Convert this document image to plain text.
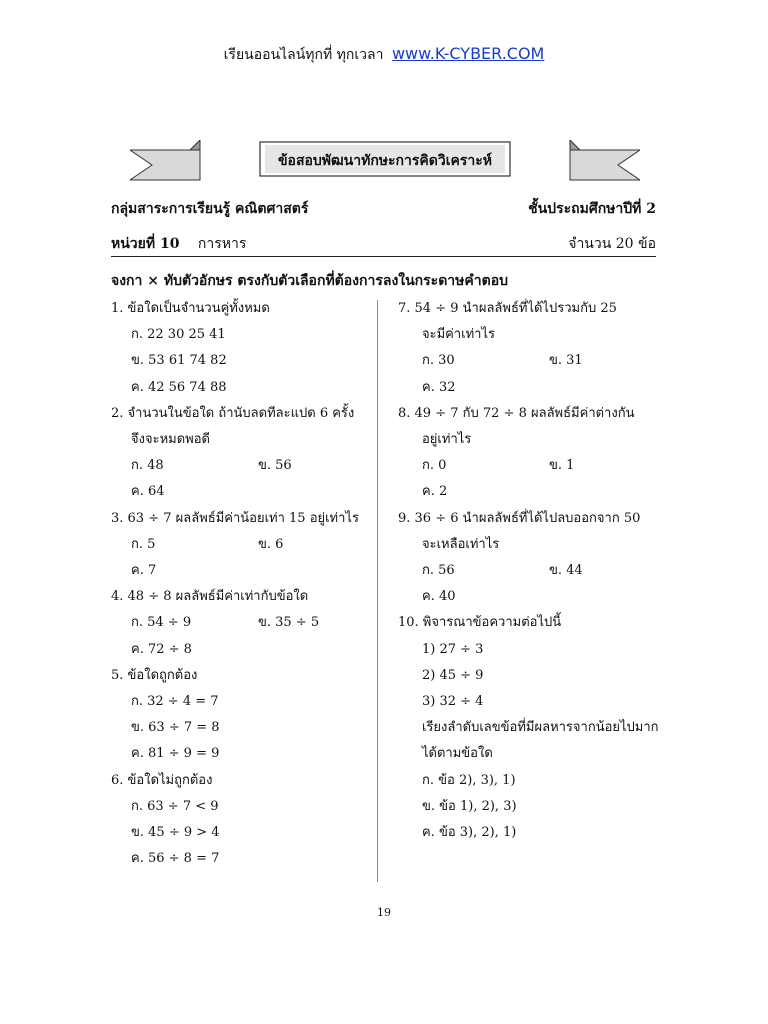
เรียนออนไลน์ทุกที่ ทุกเวลา www.K-CYBER.COM
ข้อสอบพัฒนาทักษะการคิดวิเคราะห์
กลุ่มสาระการเรียนรู้ คณิตศาสตร์	ชั้นประถมศึกษาปีที่ 2
หน่วยที่ 10 การหาร	จำนวน 20 ข้อ
จงกา × ทับตัวอักษร ตรงกับตัวเลือกที่ต้องการลงในกระดาษคำตอบ
1. ข้อใดเป็นจำนวนคู่ทั้งหมด
ก. 22 30 25 41
ข. 53 61 74 82
ค. 42 56 74 88
2. จำนวนในข้อใด ถ้านับลดทีละแปด 6 ครั้ง
จึงจะหมดพอดี
ก. 48	ข. 56
ค. 64
3. 63 ÷ 7 ผลลัพธ์มีค่าน้อยเท่า 15 อยู่เท่าไร
ก. 5	ข. 6
ค. 7
4. 48 ÷ 8 ผลลัพธ์มีค่าเท่ากับข้อใด
ก. 54 ÷ 9	ข. 35 ÷ 5
ค. 72 ÷ 8
5. ข้อใดถูกต้อง
ก. 32 ÷ 4 = 7
ข. 63 ÷ 7 = 8
ค. 81 ÷ 9 = 9
6. ข้อใดไม่ถูกต้อง
ก. 63 ÷ 7 < 9
ข. 45 ÷ 9 > 4
ค. 56 ÷ 8 = 7
7. 54 ÷ 9 นำผลลัพธ์ที่ได้ไปรวมกับ 25
จะมีค่าเท่าไร
ก. 30	ข. 31
ค. 32
8. 49 ÷ 7 กับ 72 ÷ 8 ผลลัพธ์มีค่าต่างกัน
อยู่เท่าไร
ก. 0	ข. 1
ค. 2
9. 36 ÷ 6 นำผลลัพธ์ที่ได้ไปลบออกจาก 50
จะเหลือเท่าไร
ก. 56	ข. 44
ค. 40
10. พิจารณาข้อความต่อไปนี้
1) 27 ÷ 3
2) 45 ÷ 9
3) 32 ÷ 4
เรียงลำดับเลขข้อที่มีผลหารจากน้อยไปมาก
ได้ตามข้อใด
ก. ข้อ 2), 3), 1)
ข. ข้อ 1), 2), 3)
ค. ข้อ 3), 2), 1)
19
